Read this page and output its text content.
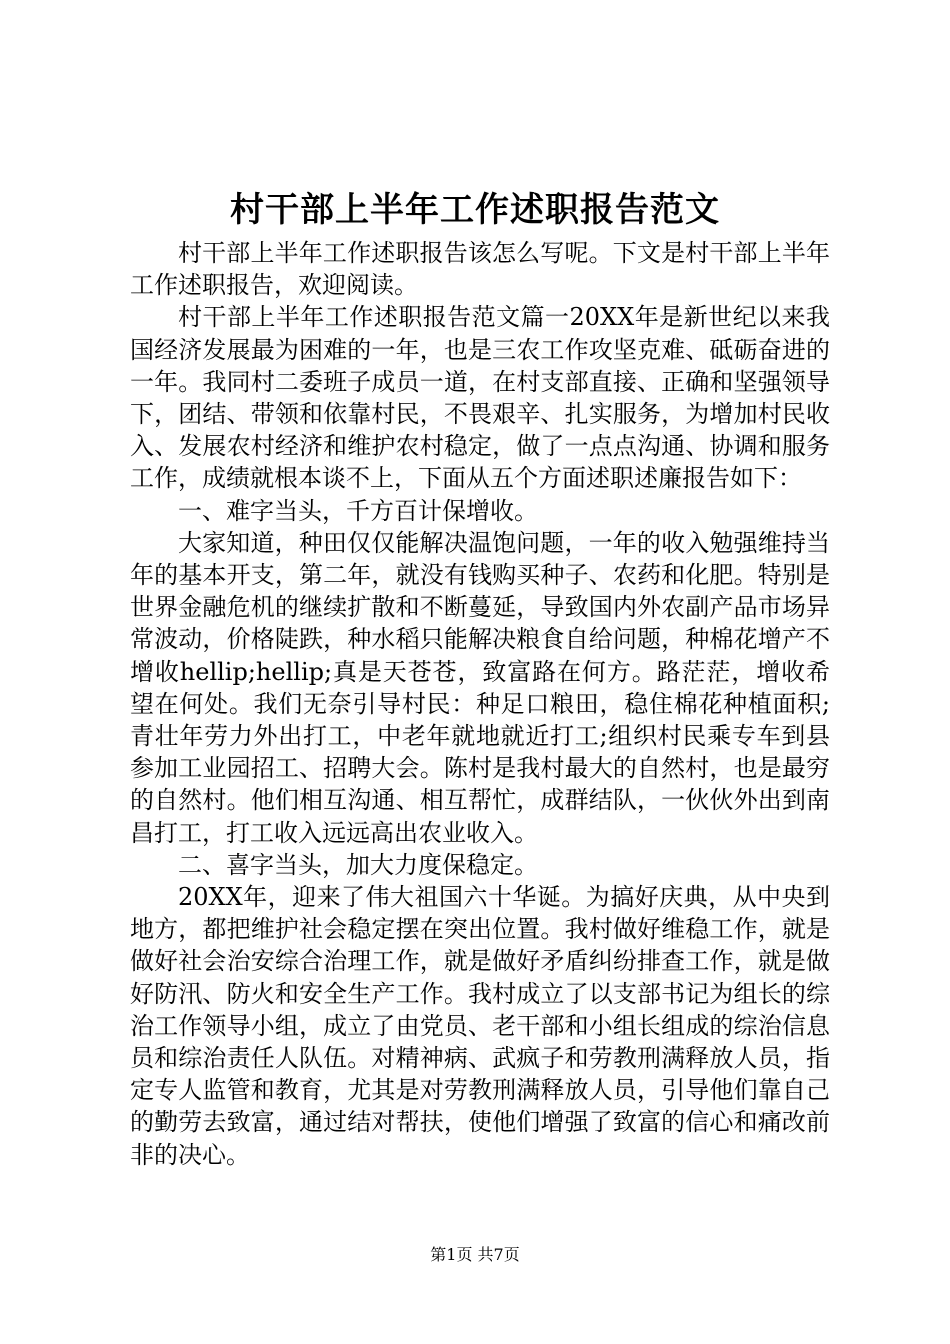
村干部上半年工作述职报告范文

村干部上半年工作述职报告该怎么写呢。下文是村干部上半年工作述职报告，欢迎阅读。

村干部上半年工作述职报告范文篇一20XX年是新世纪以来我国经济发展最为困难的一年，也是三农工作攻坚克难、砥砺奋进的一年。我同村二委班子成员一道，在村支部直接、正确和坚强领导下，团结、带领和依靠村民，不畏艰辛、扎实服务，为增加村民收入、发展农村经济和维护农村稳定，做了一点点沟通、协调和服务工作，成绩就根本谈不上，下面从五个方面述职述廉报告如下：

一、难字当头，千方百计保增收。

大家知道，种田仅仅能解决温饱问题，一年的收入勉强维持当年的基本开支，第二年，就没有钱购买种子、农药和化肥。特别是世界金融危机的继续扩散和不断蔓延，导致国内外农副产品市场异常波动，价格陡跌，种水稻只能解决粮食自给问题，种棉花增产不增收hellip;hellip;真是天苍苍，致富路在何方。路茫茫，增收希望在何处。我们无奈引导村民：种足口粮田，稳住棉花种植面积;青壮年劳力外出打工，中老年就地就近打工;组织村民乘专车到县参加工业园招工、招聘大会。陈村是我村最大的自然村，也是最穷的自然村。他们相互沟通、相互帮忙，成群结队，一伙伙外出到南昌打工，打工收入远远高出农业收入。

二、喜字当头，加大力度保稳定。

20XX年，迎来了伟大祖国六十华诞。为搞好庆典，从中央到地方，都把维护社会稳定摆在突出位置。我村做好维稳工作，就是做好社会治安综合治理工作，就是做好矛盾纠纷排查工作，就是做好防汛、防火和安全生产工作。我村成立了以支部书记为组长的综治工作领导小组，成立了由党员、老干部和小组长组成的综治信息员和综治责任人队伍。对精神病、武疯子和劳教刑满释放人员，指定专人监管和教育，尤其是对劳教刑满释放人员，引导他们靠自己的勤劳去致富，通过结对帮扶，使他们增强了致富的信心和痛改前非的决心。

第1页 共7页
